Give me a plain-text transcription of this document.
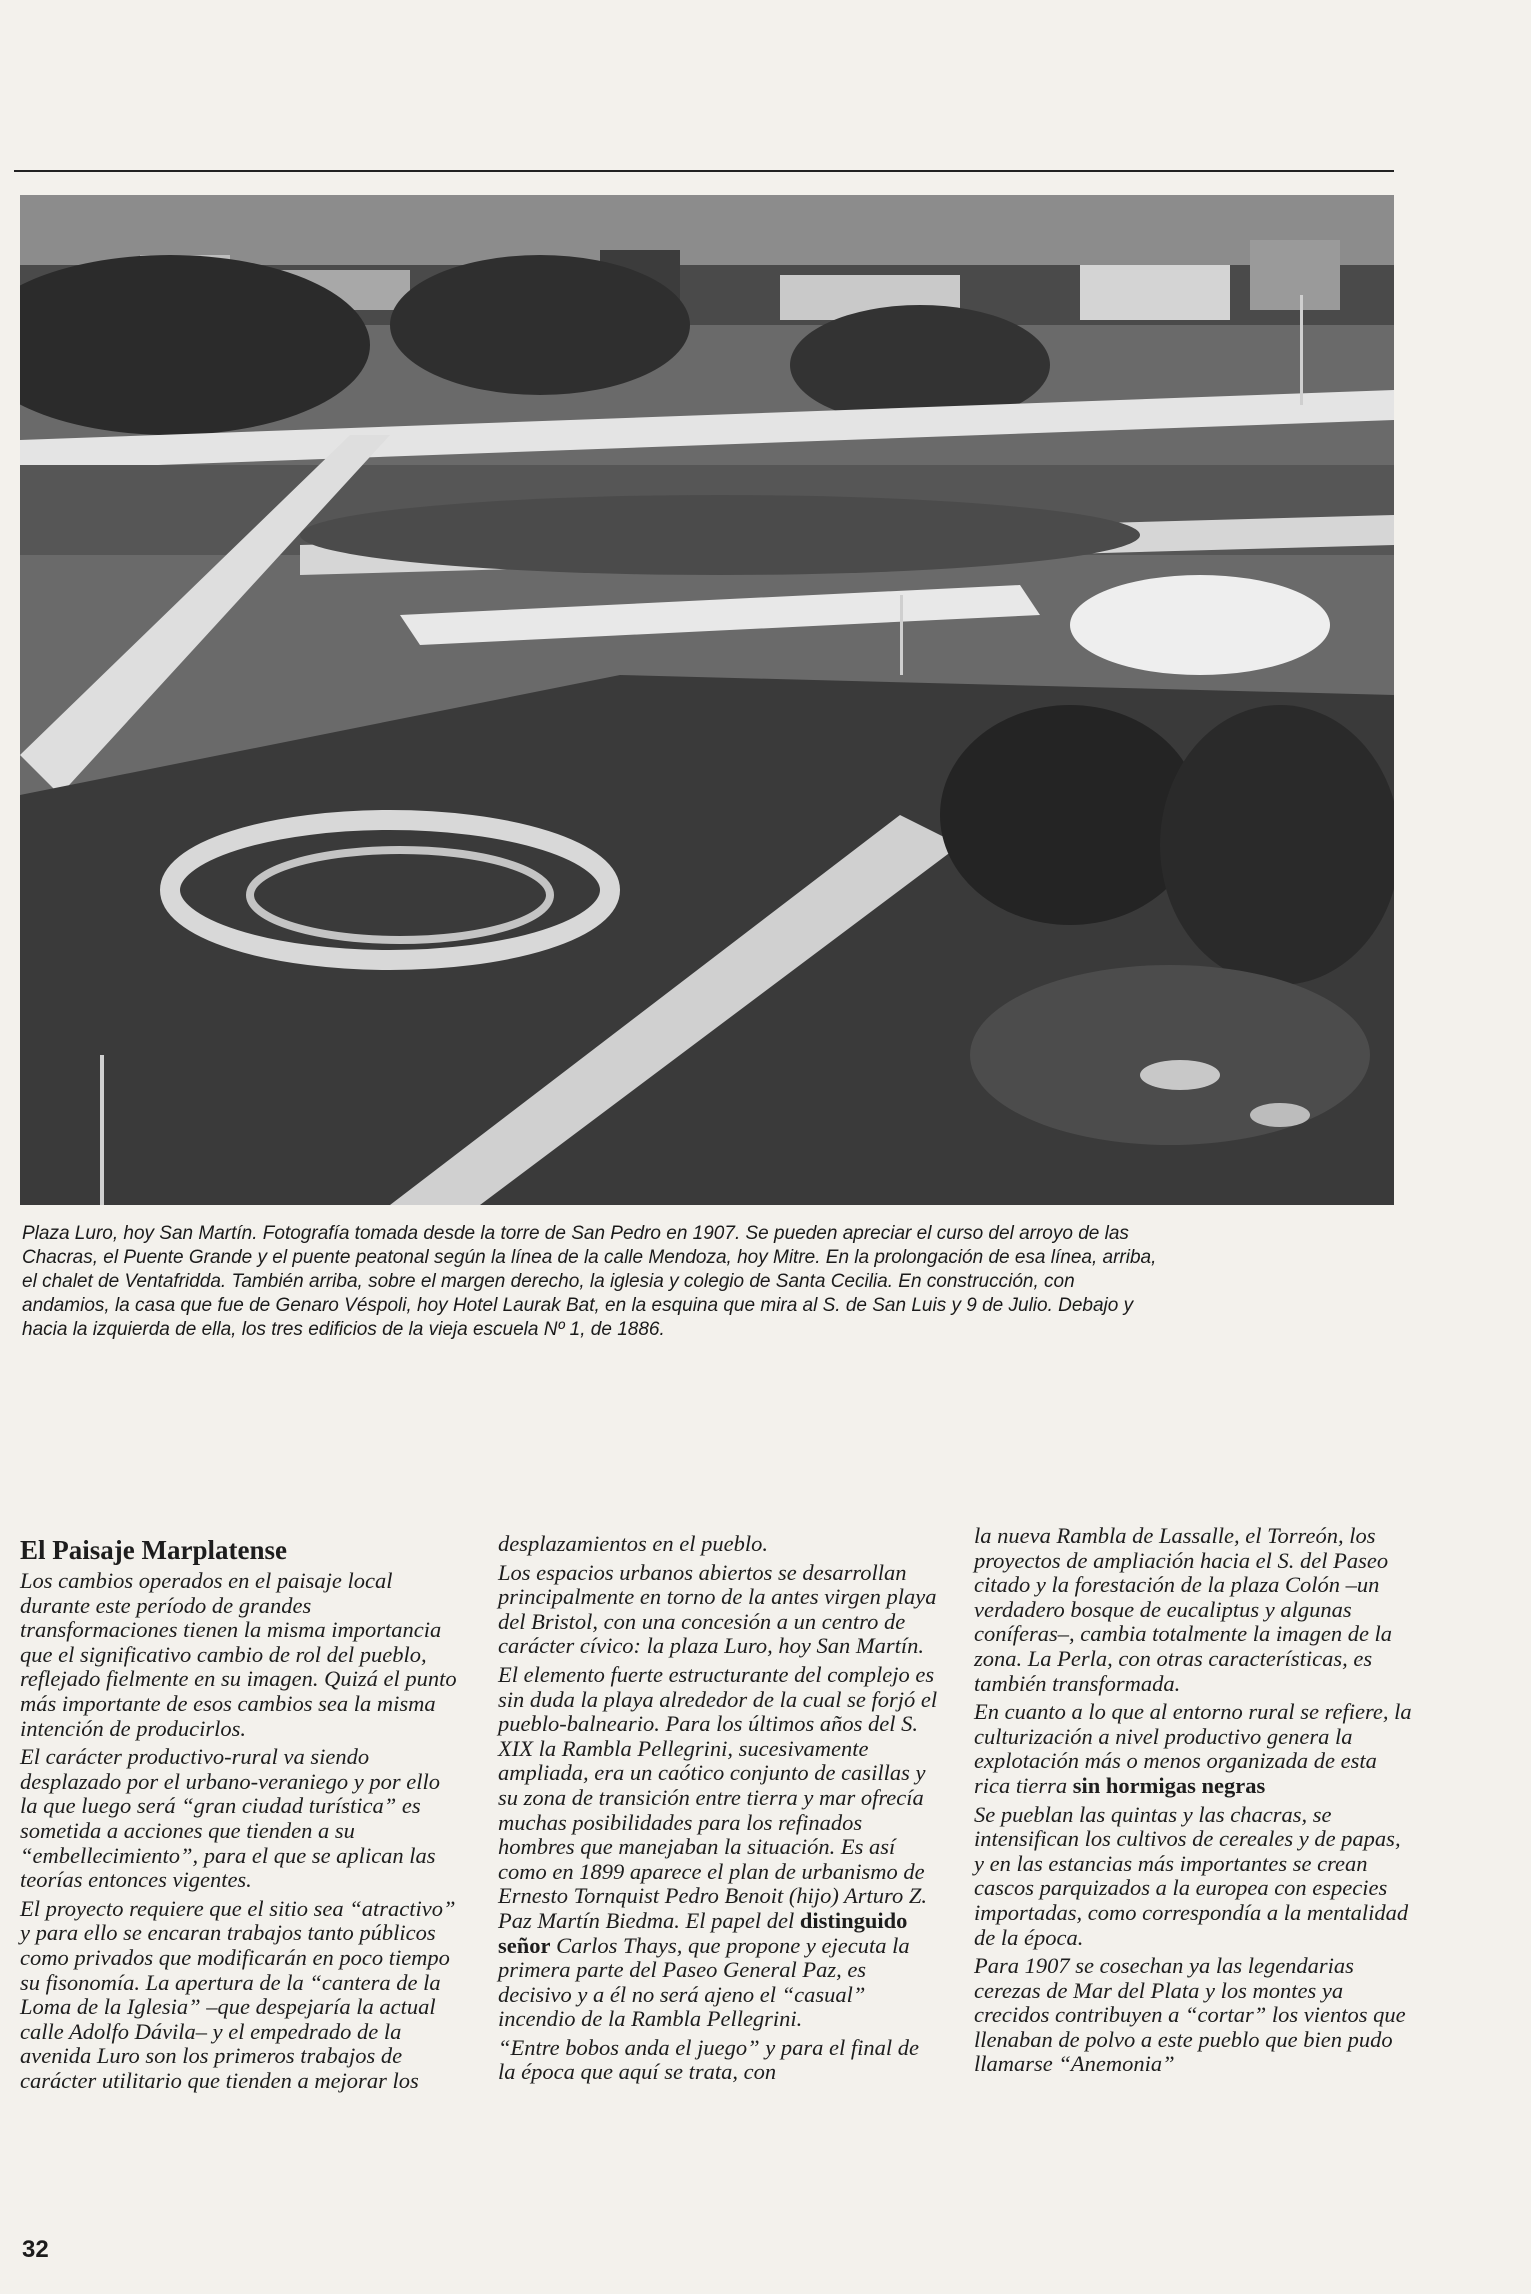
Plaza Luro, hoy San Martín. Fotografía tomada desde la torre de San Pedro en 1907. Se pueden apreciar el curso del arroyo de las

Chacras, el Puente Grande y el puente peatonal según la línea de la calle Mendoza, hoy Mitre. En la prolongación de esa línea, arriba,

el chalet de Ventafridda. También arriba, sobre el margen derecho, la iglesia y colegio de Santa Cecilia. En construcción, con

andamios, la casa que fue de Genaro Véspoli, hoy Hotel Laurak Bat, en la esquina que mira al S. de San Luis y 9 de Julio. Debajo y

hacia la izquierda de ella, los tres edificios de la vieja escuela Nº 1, de 1886.

El Paisaje Marplatense

Los cambios operados en el paisaje local durante este período de grandes transformaciones tienen la misma importancia que el significativo cambio de rol del pueblo, reflejado fielmente en su imagen. Quizá el punto más importante de esos cambios sea la misma intención de producirlos.

El carácter productivo-rural va siendo desplazado por el urbano-veraniego y por ello la que luego será “gran ciudad turística” es sometida a acciones que tienden a su “embellecimiento”, para el que se aplican las teorías entonces vigentes.

El proyecto requiere que el sitio sea “atractivo” y para ello se encaran trabajos tanto públicos como privados que modificarán en poco tiempo su fisonomía. La apertura de la “cantera de la Loma de la Iglesia” –que despejaría la actual calle Adolfo Dávila– y el empedrado de la avenida Luro son los primeros trabajos de carácter utilitario que tienden a mejorar los

desplazamientos en el pueblo.

Los espacios urbanos abiertos se desarrollan principalmente en torno de la antes virgen playa del Bristol, con una concesión a un centro de carácter cívico: la plaza Luro, hoy San Martín.

El elemento fuerte estructurante del complejo es sin duda la playa alrededor de la cual se forjó el pueblo-balneario. Para los últimos años del S. XIX la Rambla Pellegrini, sucesivamente ampliada, era un caótico conjunto de casillas y su zona de transición entre tierra y mar ofrecía muchas posibilidades para los refinados hombres que manejaban la situación. Es así como en 1899 aparece el plan de urbanismo de Ernesto Tornquist Pedro Benoit (hijo) Arturo Z. Paz Martín Biedma. El papel del distinguido señor Carlos Thays, que propone y ejecuta la primera parte del Paseo General Paz, es decisivo y a él no será ajeno el “casual” incendio de la Rambla Pellegrini.

“Entre bobos anda el juego” y para el final de la época que aquí se trata, con

la nueva Rambla de Lassalle, el Torreón, los proyectos de ampliación hacia el S. del Paseo citado y la forestación de la plaza Colón –un verdadero bosque de eucaliptus y algunas coníferas–, cambia totalmente la imagen de la zona. La Perla, con otras características, es también transformada.

En cuanto a lo que al entorno rural se refiere, la culturización a nivel productivo genera la explotación más o menos organizada de esta rica tierra sin hormigas negras

Se pueblan las quintas y las chacras, se intensifican los cultivos de cereales y de papas, y en las estancias más importantes se crean cascos parquizados a la europea con especies importadas, como correspondía a la mentalidad de la época.

Para 1907 se cosechan ya las legendarias cerezas de Mar del Plata y los montes ya crecidos contribuyen a “cortar” los vientos que llenaban de polvo a este pueblo que bien pudo llamarse “Anemonia”

32
